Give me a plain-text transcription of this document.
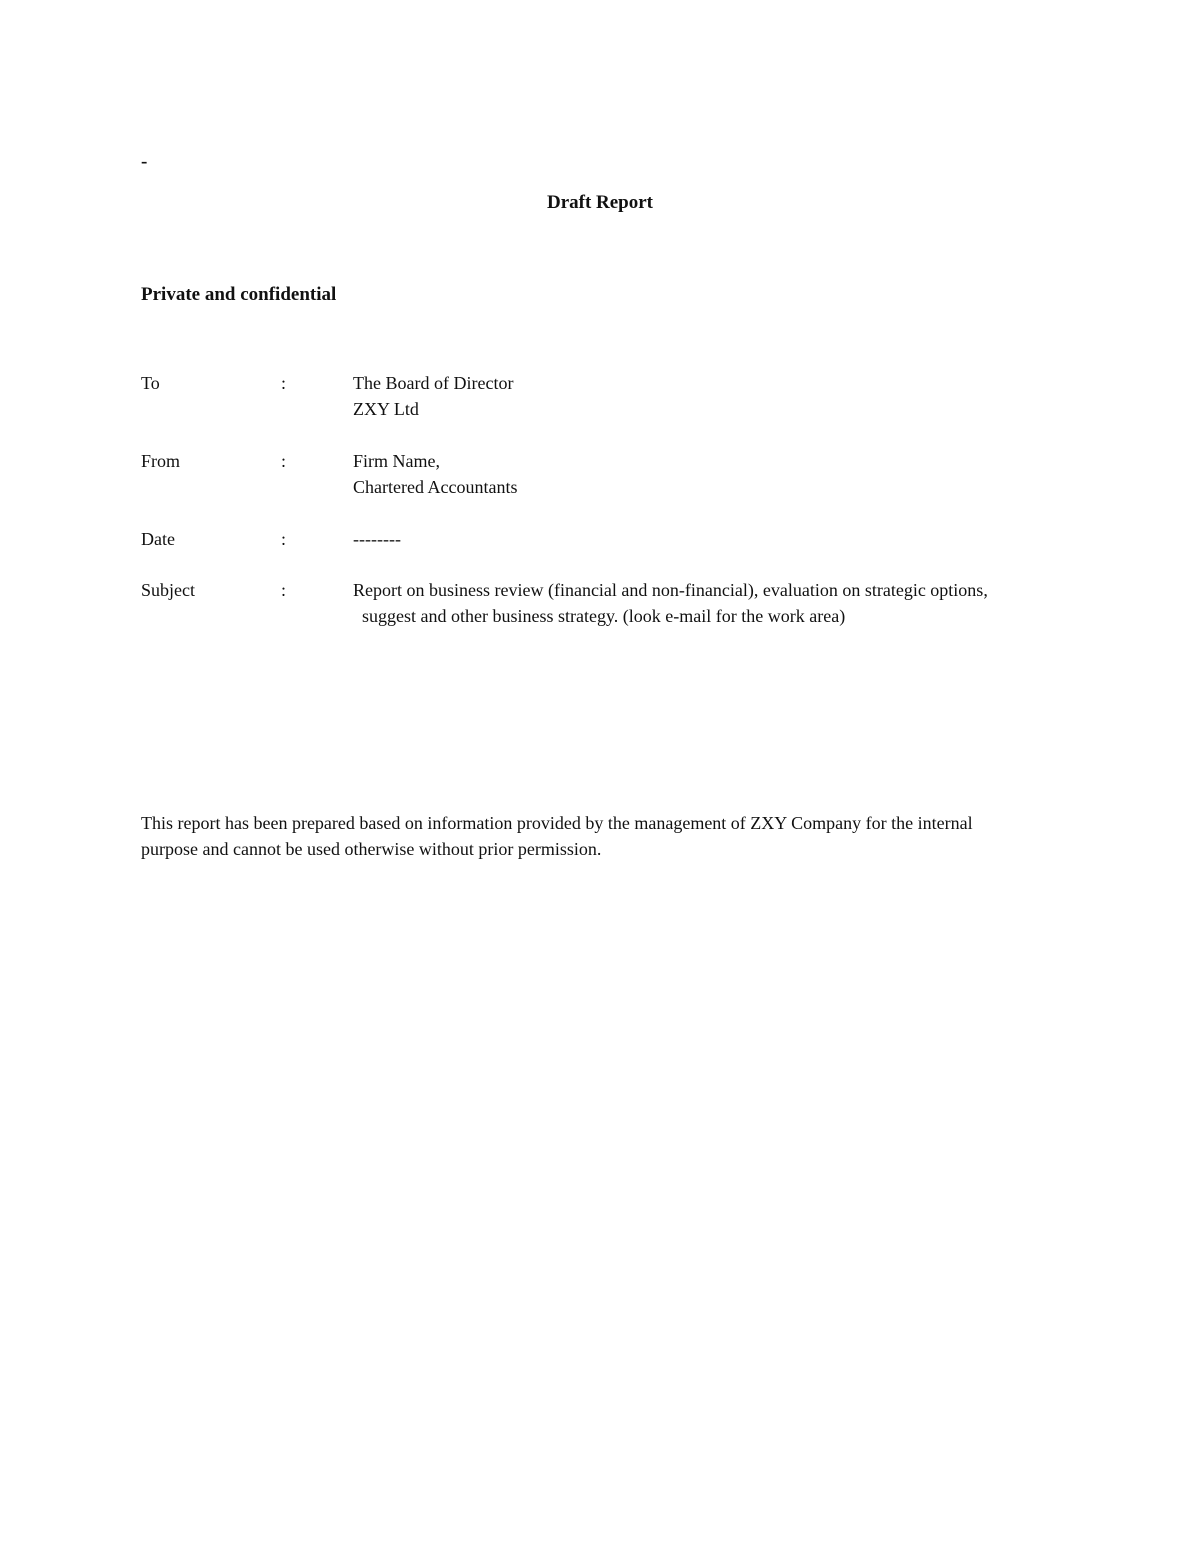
-
Draft Report
Private and confidential
To	:	The Board of Director
ZXY Ltd
From	:	Firm Name,
Chartered Accountants
Date	:	--------
Subject	:	Report on business review (financial and non-financial), evaluation on strategic options,
suggest and other business strategy. (look e-mail for the work area)
This report has been prepared based on information provided by the management of ZXY Company for the internal
purpose and cannot be used otherwise without prior permission.
